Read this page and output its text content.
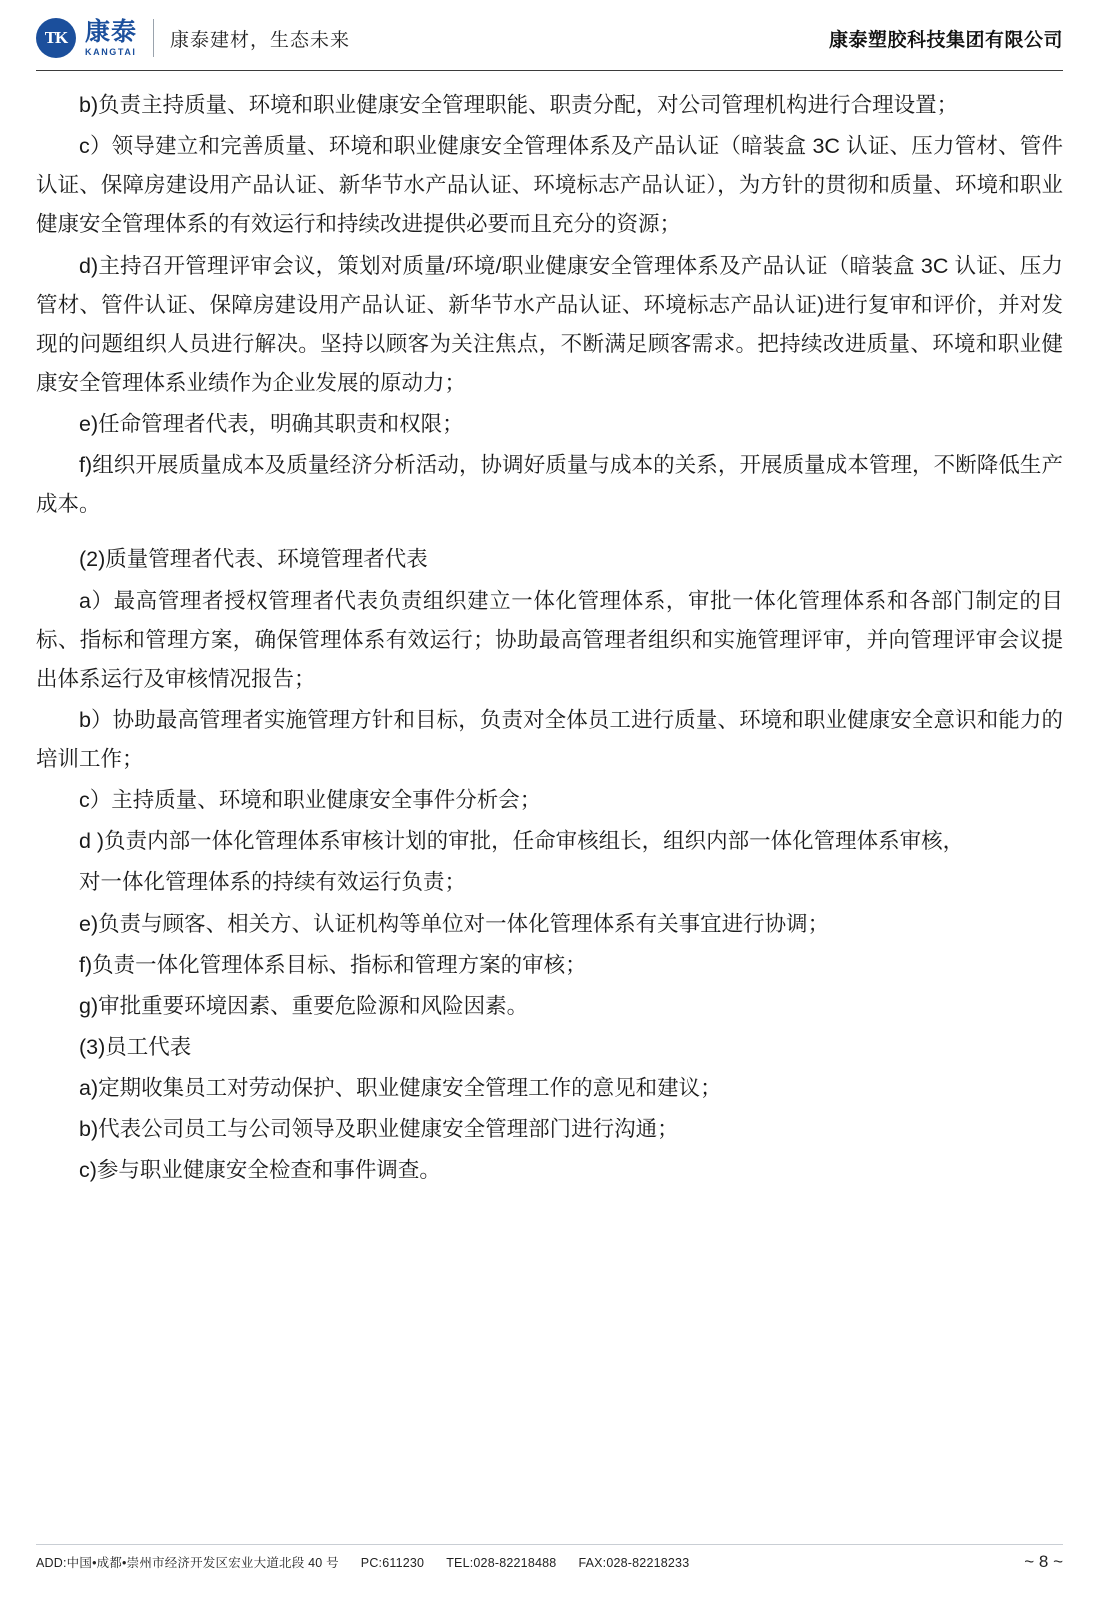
TK 康泰
KANGTAI
康泰建材，生态未来	康泰塑胶科技集团有限公司

b)负责主持质量、环境和职业健康安全管理职能、职责分配，对公司管理机构进行合理设置；

c）领导建立和完善质量、环境和职业健康安全管理体系及产品认证（暗装盒 3C 认证、压力管材、管件认证、保障房建设用产品认证、新华节水产品认证、环境标志产品认证），为方针的贯彻和质量、环境和职业健康安全管理体系的有效运行和持续改进提供必要而且充分的资源；

d)主持召开管理评审会议，策划对质量/环境/职业健康安全管理体系及产品认证（暗装盒 3C 认证、压力管材、管件认证、保障房建设用产品认证、新华节水产品认证、环境标志产品认证)进行复审和评价，并对发现的问题组织人员进行解决。坚持以顾客为关注焦点，不断满足顾客需求。把持续改进质量、环境和职业健康安全管理体系业绩作为企业发展的原动力；

e)任命管理者代表，明确其职责和权限；

f)组织开展质量成本及质量经济分析活动，协调好质量与成本的关系，开展质量成本管理，不断降低生产成本。

(2)质量管理者代表、环境管理者代表

a）最高管理者授权管理者代表负责组织建立一体化管理体系，审批一体化管理体系和各部门制定的目标、指标和管理方案，确保管理体系有效运行；协助最高管理者组织和实施管理评审，并向管理评审会议提出体系运行及审核情况报告；

b）协助最高管理者实施管理方针和目标，负责对全体员工进行质量、环境和职业健康安全意识和能力的培训工作；

c）主持质量、环境和职业健康安全事件分析会；

d )负责内部一体化管理体系审核计划的审批，任命审核组长，组织内部一体化管理体系审核，

对一体化管理体系的持续有效运行负责；

e)负责与顾客、相关方、认证机构等单位对一体化管理体系有关事宜进行协调；

f)负责一体化管理体系目标、指标和管理方案的审核；

g)审批重要环境因素、重要危险源和风险因素。

(3)员工代表

a)定期收集员工对劳动保护、职业健康安全管理工作的意见和建议；

b)代表公司员工与公司领导及职业健康安全管理部门进行沟通；

c)参与职业健康安全检查和事件调查。

ADD:中国•成都•崇州市经济开发区宏业大道北段 40 号 PC:611230 TEL:028-82218488 FAX:028-82218233	~ 8 ~
